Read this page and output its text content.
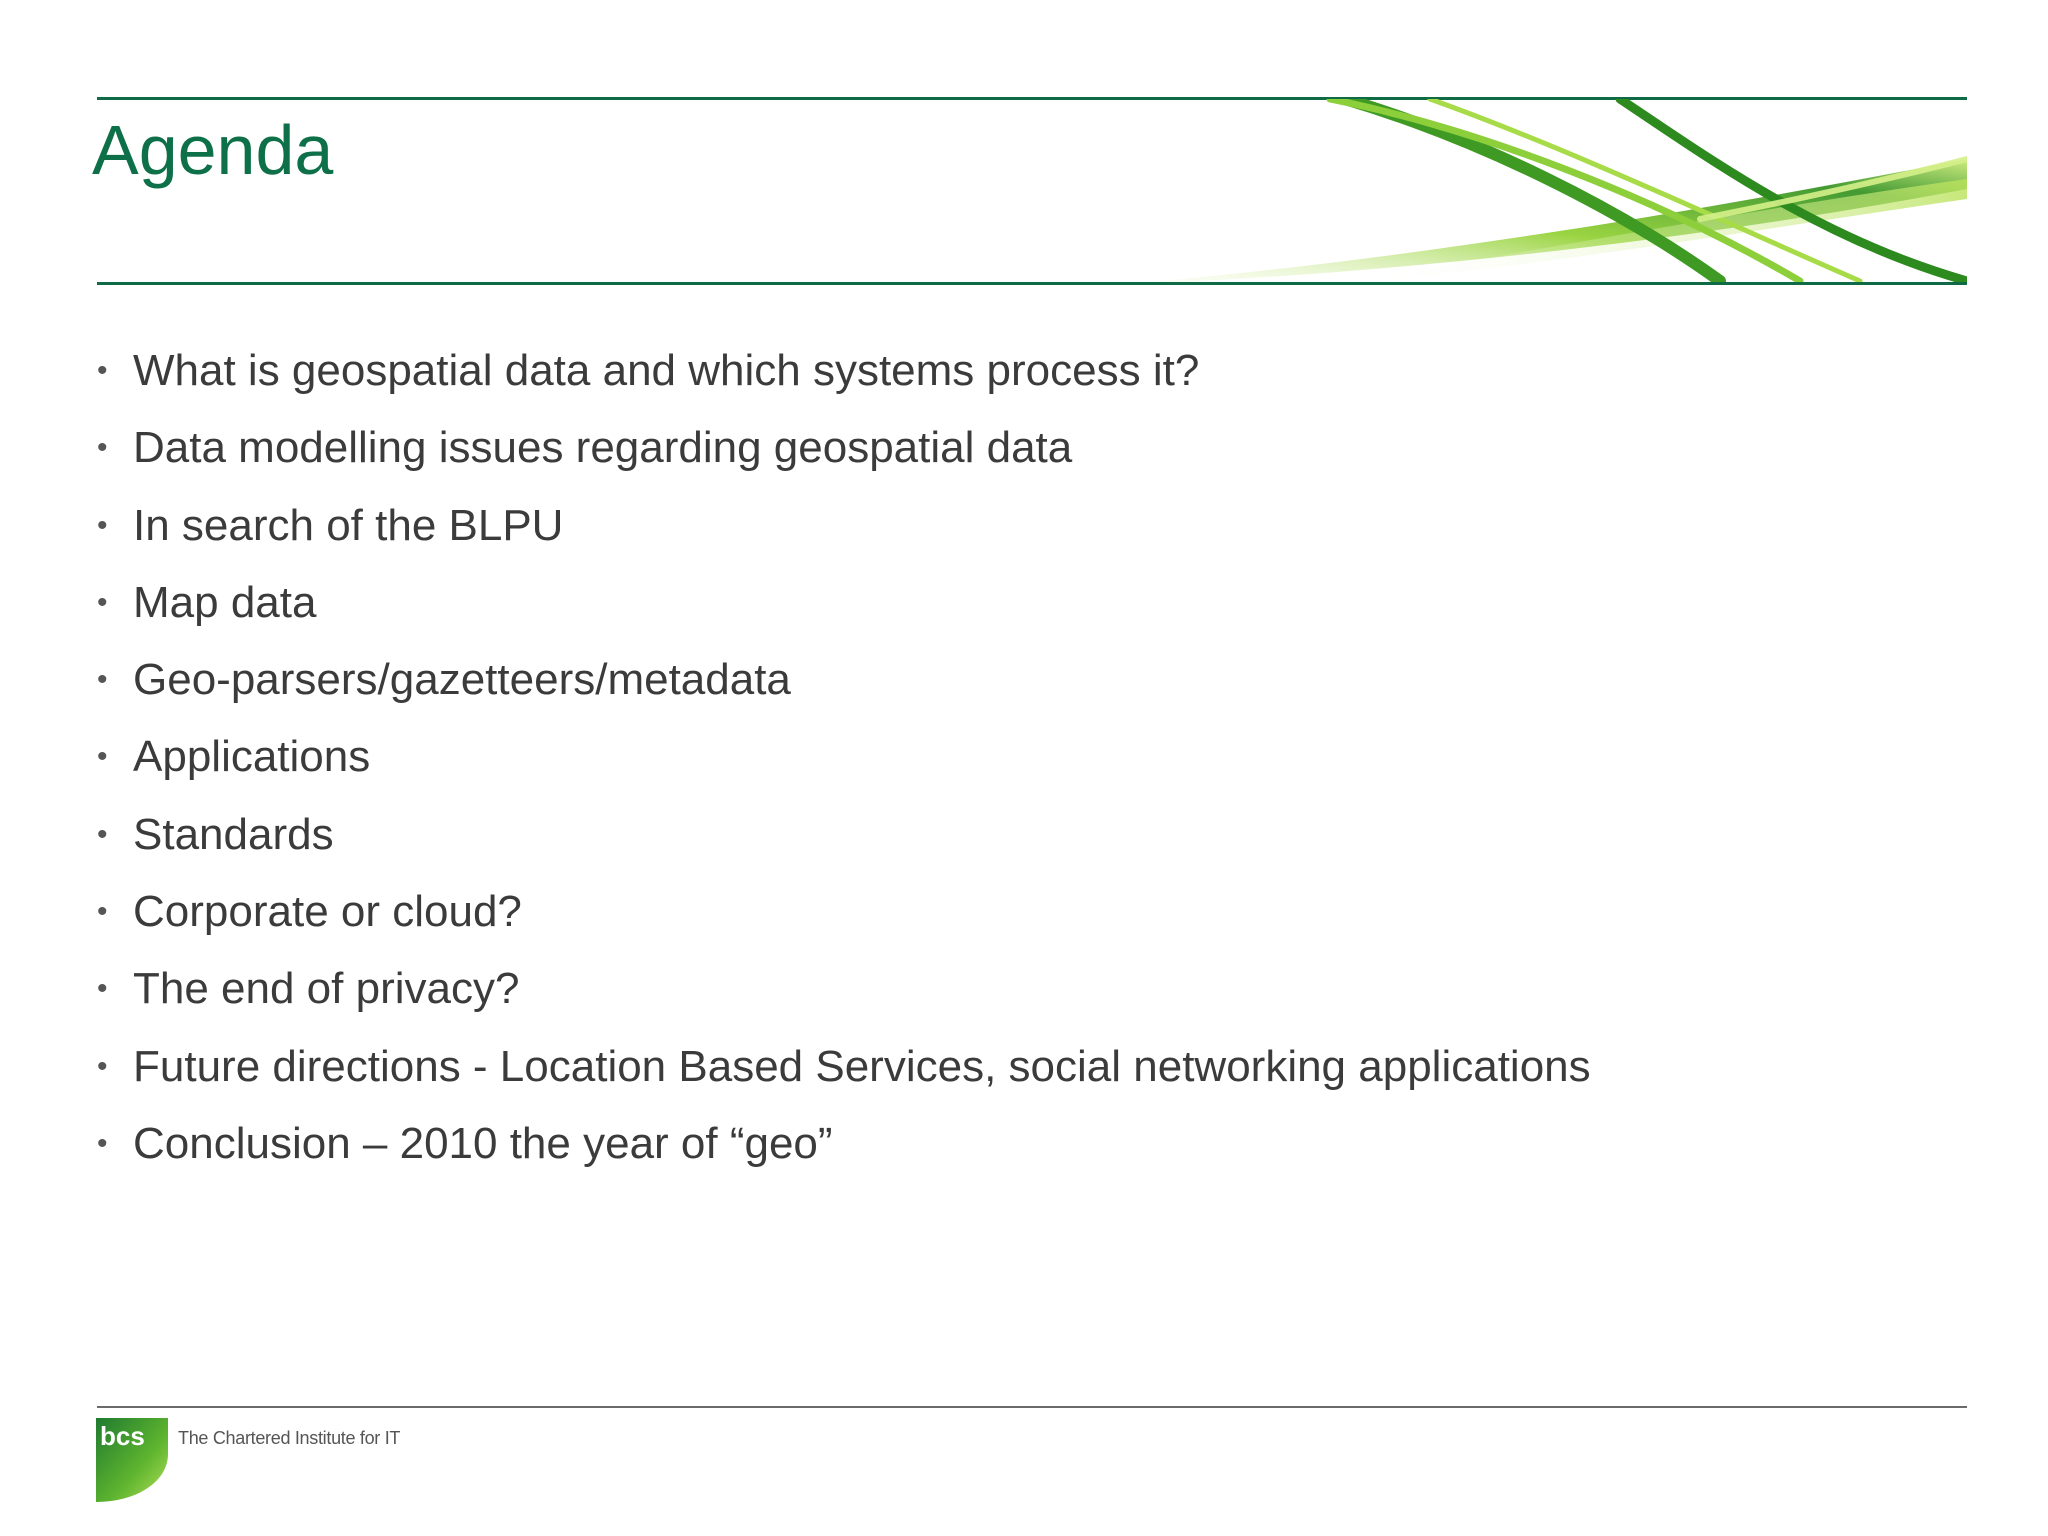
Agenda
• What is geospatial data and which systems process it?
• Data modelling issues regarding geospatial data
• In search of the BLPU
• Map data
• Geo-parsers/gazetteers/metadata
• Applications
• Standards
• Corporate or cloud?
• The end of privacy?
• Future directions - Location Based Services, social networking applications
• Conclusion – 2010 the year of “geo”
bcs The Chartered Institute for IT
